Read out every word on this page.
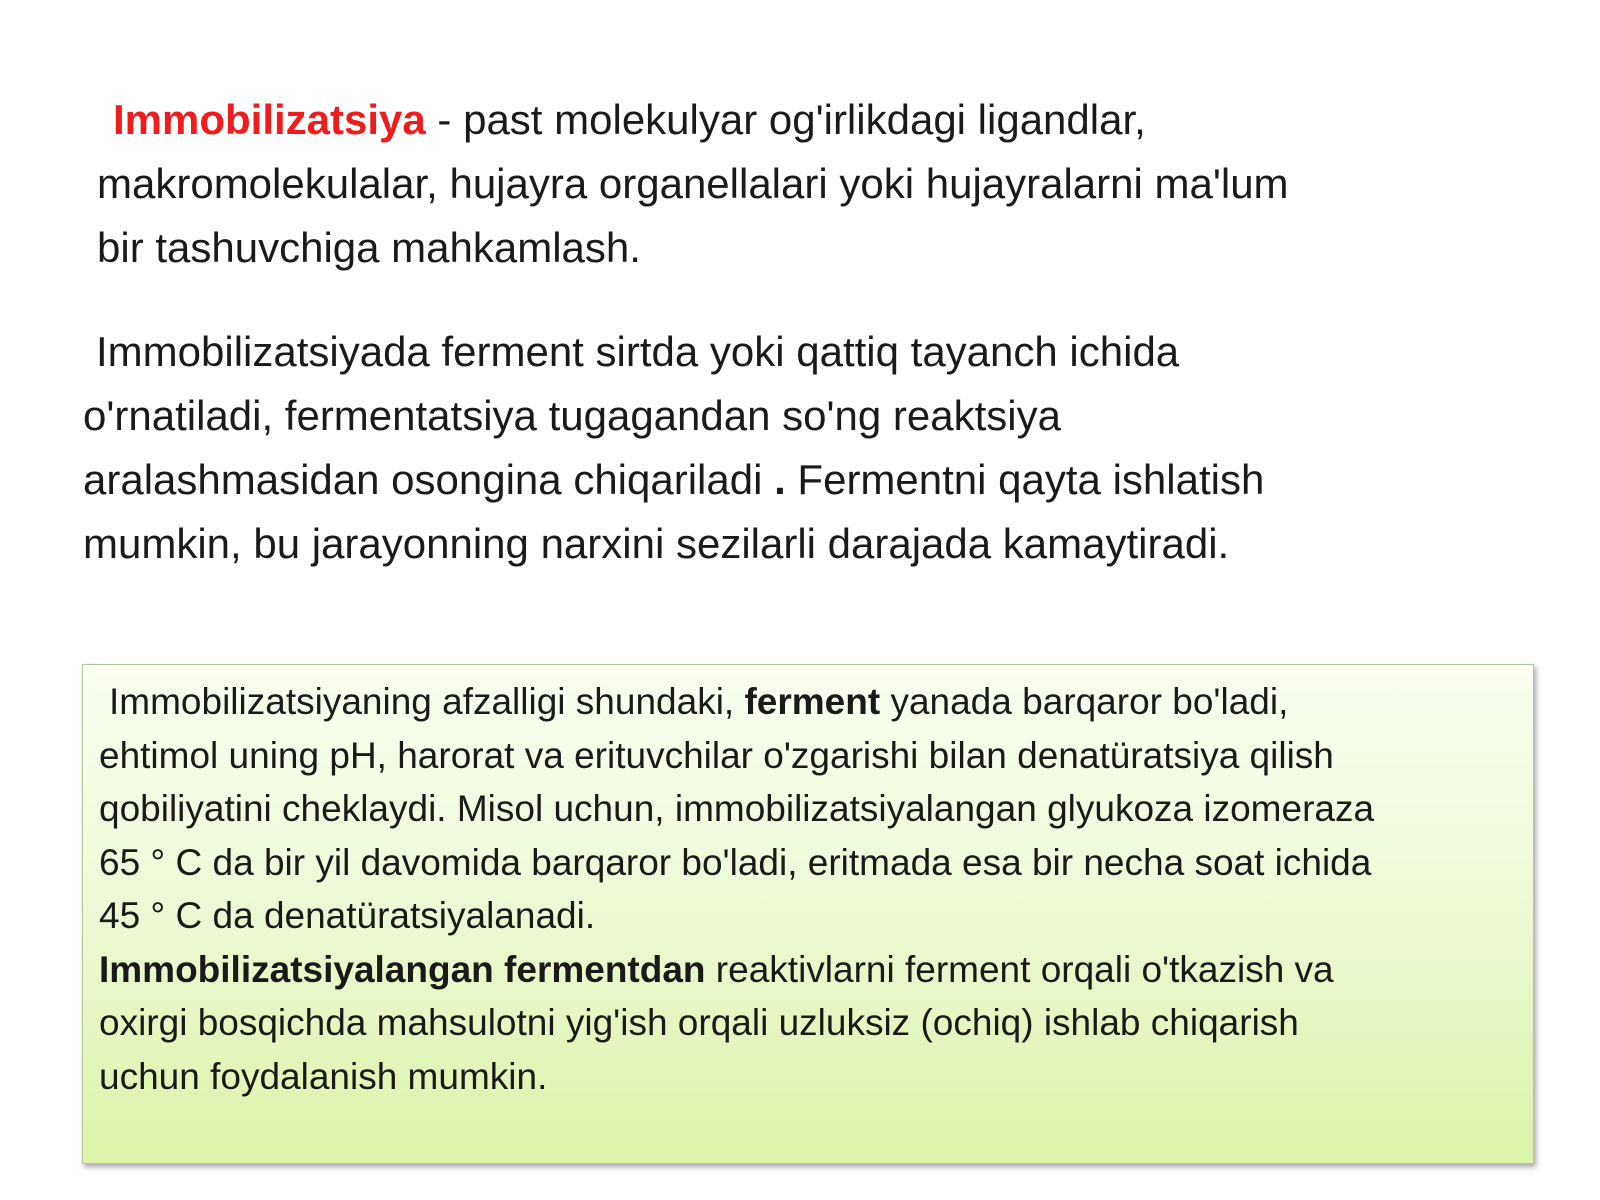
Immobilizatsiya - past molekulyar og'irlikdagi ligandlar,
makromolekulalar, hujayra organellalari yoki hujayralarni ma'lum
bir tashuvchiga mahkamlash.

Immobilizatsiyada ferment sirtda yoki qattiq tayanch ichida
o'rnatiladi, fermentatsiya tugagandan so'ng reaktsiya
aralashmasidan osongina chiqariladi . Fermentni qayta ishlatish
mumkin, bu jarayonning narxini sezilarli darajada kamaytiradi.

Immobilizatsiyaning afzalligi shundaki, ferment yanada barqaror bo'ladi,
ehtimol uning pH, harorat va erituvchilar o'zgarishi bilan denatüratsiya qilish
qobiliyatini cheklaydi. Misol uchun, immobilizatsiyalangan glyukoza izomeraza
65 ° C da bir yil davomida barqaror bo'ladi, eritmada esa bir necha soat ichida
45 ° C da denatüratsiyalanadi.
Immobilizatsiyalangan fermentdan reaktivlarni ferment orqali o'tkazish va
oxirgi bosqichda mahsulotni yig'ish orqali uzluksiz (ochiq) ishlab chiqarish
uchun foydalanish mumkin.
